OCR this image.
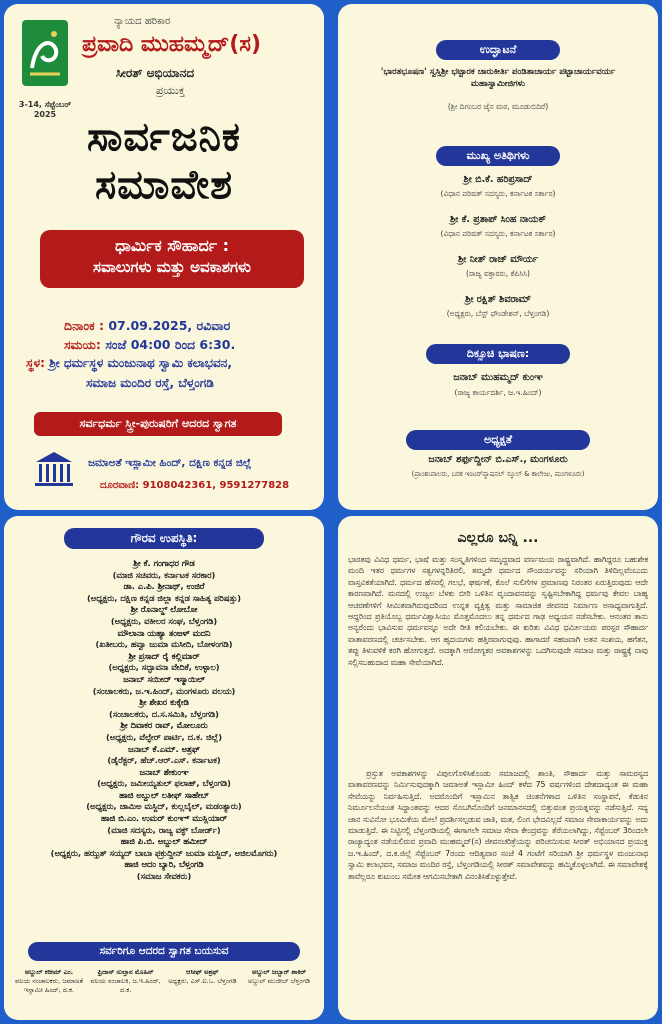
3-14, ಸೆಪ್ಟೆಂಬರ್ 2025
ನ್ಯಾಯದ ಹರಿಕಾರ
ಪ್ರವಾದಿ ಮುಹಮ್ಮದ್(ಸ)
ಸೀರತ್ ಅಭಿಯಾನದ
ಪ್ರಯುಕ್ತ
ಸಾರ್ವಜನಿಕ
ಸಮಾವೇಶ
ಧಾರ್ಮಿಕ ಸೌಹಾರ್ದ :
ಸವಾಲುಗಳು ಮತ್ತು ಅವಕಾಶಗಳು
ದಿನಾಂಕ : 07.09.2025, ರವಿವಾರ
ಸಮಯ: ಸಂಜೆ 04:00 ರಿಂದ 6:30.
ಸ್ಥಳ: ಶ್ರೀ ಧರ್ಮಸ್ಥಳ ಮಂಜುನಾಥ ಸ್ವಾಮಿ ಕಲಾಭವನ,
ಸಮಾಜ ಮಂದಿರ ರಸ್ತೆ, ಬೆಳ್ತಂಗಡಿ
ಸರ್ವಧರ್ಮ ಸ್ತ್ರೀ-ಪುರುಷರಿಗೆ ಆದರದ ಸ್ವಾಗತ
ಜಮಾಅತೆ ಇಸ್ಲಾಮೀ ಹಿಂದ್, ದಕ್ಷಿಣ ಕನ್ನಡ ಜಿಲ್ಲೆ
ದೂರವಾಣಿ: 9108042361, 9591277828
ಉದ್ಘಾಟನೆ
'ಭಾರತಭೂಷಣ' ಸ್ವಸ್ತಿಶ್ರೀ ಭಟ್ಟಾರಕ ಚಾರುಕೀರ್ತಿ ಪಂಡಿತಾಚಾರ್ಯ ಪಟ್ಟಾಚಾರ್ಯವರ್ಯ ಮಹಾಸ್ವಾಮೀಜಿಗಳು
(ಶ್ರೀ ದಿಗಂಬರ ಜೈನ ಮಠ, ಮೂಡುಬಿದಿರೆ)
ಮುಖ್ಯ ಅತಿಥಿಗಳು
ಶ್ರೀ ಬಿ.ಕೆ. ಹರಿಪ್ರಸಾದ್
(ವಿಧಾನ ಪರಿಷತ್ ಸದಸ್ಯರು, ಕರ್ನಾಟಕ ಸರ್ಕಾರ)
ಶ್ರೀ ಕೆ. ಪ್ರತಾಪ್ ಸಿಂಹ ನಾಯಕ್
(ವಿಧಾನ ಪರಿಷತ್ ಸದಸ್ಯರು, ಕರ್ನಾಟಕ ಸರ್ಕಾರ)
ಶ್ರೀ ನೀತ್ ರಾಜ್ ಮೌರ್ಯ
(ರಾಜ್ಯ ವಕ್ತಾರರು, ಕೆಪಿಸಿಸಿ)
ಶ್ರೀ ರಕ್ಷಿತ್ ಶಿವರಾಮ್
(ಅಧ್ಯಕ್ಷರು, ಬೆಸ್ಟ್ ಫೌಂಡೇಶನ್, ಬೆಳ್ತಂಗಡಿ)
ದಿಕ್ಸೂಚಿ ಭಾಷಣ:
ಜನಾಬ್ ಮುಹಮ್ಮದ್ ಕುಂಞ
(ರಾಜ್ಯ ಕಾರ್ಯದರ್ಶಿ, ಜ.ಇ.ಹಿಂದ್)
ಅಧ್ಯಕ್ಷತೆ
ಜನಾಬ್ ಶರ್ಫುದ್ದೀನ್ ಬಿ.ಎಸ್., ಮಂಗಳೂರು
(ಪ್ರಾಂಶುಪಾಲರು, ಬರಕ ಇಂಟರ್‌ನ್ಯಾಷನಲ್ ಸ್ಕೂಲ್ & ಕಾಲೇಜು, ಮಂಗಳೂರು)
ಗೌರವ ಉಪಸ್ಥಿತಿ:
ಶ್ರೀ ಕೆ. ಗಂಗಾಧರ ಗೌಡ
(ಮಾಜಿ ಸಚಿವರು, ಕರ್ನಾಟಕ ಸರಕಾರ)
ಡಾ. ಎ.ಪಿ. ಶ್ರೀನಾಥ್, ಉಜಿರೆ
(ಅಧ್ಯಕ್ಷರು, ದಕ್ಷಿಣ ಕನ್ನಡ ಜಿಲ್ಲಾ ಕನ್ನಡ ಸಾಹಿತ್ಯ ಪರಿಷತ್ತು)
ಶ್ರೀ ರೊನಾಲ್ಡ್ ಲೋಬೋ
(ಅಧ್ಯಕ್ಷರು, ವಕೀಲರ ಸಂಘ, ಬೆಳ್ತಂಗಡಿ)
ಮೌಲಾನಾ ಯಹ್ಯಾ ತಂಙಳ್ ಮದನಿ
(ಖತೀಬರು, ಹವ್ವಾ ಜುಮಾ ಮಸೀದಿ, ಬೋಳಂಗಡಿ)
ಶ್ರೀ ಪ್ರಸಾದ್ ರೈ ಕಲ್ಲಿಮಾರ್
(ಅಧ್ಯಕ್ಷರು, ಸದ್ಭಾವನಾ ವೇದಿಕೆ, ಉಳ್ಳಾಲ)
ಜನಾಬ್ ಸಯೀದ್ ಇಸ್ಮಾಯಿಲ್
(ಸಂಚಾಲಕರು, ಜ.ಇ.ಹಿಂದ್, ಮಂಗಳೂರು ವಲಯ)
ಶ್ರೀ ಶೇಖರ ಕುಕ್ಕೇಡಿ
(ಸಂಚಾಲಕರು, ದ.ಸ.ಸಮಿತಿ, ಬೆಳ್ತಂಗಡಿ)
ಶ್ರೀ ದಿವಾಕರ ರಾವ್, ಮೋಲೂರು
(ಅಧ್ಯಕ್ಷರು, ವೆಲ್ಫೇರ್ ಪಾರ್ಟಿ, ದ.ಕ. ಜಿಲ್ಲೆ)
ಜನಾಬ್ ಕೆ.ಎಮ್. ಅಶ್ರಫ್
(ಡೈರೆಕ್ಟರ್, ಹೆಚ್.ಆರ್.ಎಸ್. ಕರ್ನಾಟಕ)
ಜನಾಬ್ ಶೇಕುಂಞ
(ಅಧ್ಯಕ್ಷರು, ಜಮೀಯ್ಯತುಲ್ ಫಲಾಹ್, ಬೆಳ್ತಂಗಡಿ)
ಹಾಜಿ ಅಬ್ದುಲ್ ಲತೀಫ್ ಸಾಹೇಬ್
(ಅಧ್ಯಕ್ಷರು, ಜಾಮಿಅ ಮಸ್ಜಿದ್, ಕುಲ್ಲಬೈಲ್, ಮಡಂತ್ಯಾರು)
ಹಾಜಿ ಬಿ.ಎಂ. ಉಮರ್ ಕುಂಞ್ ಮುಸ್ಲಿಯಾರ್
(ಮಾಜಿ ಸದಸ್ಯರು, ರಾಜ್ಯ ವಕ್ಫ್ ಬೋರ್ಡ್)
ಹಾಜಿ ಪಿ.ಬಿ. ಅಬ್ದುಲ್ ಹಮೀದ್
(ಅಧ್ಯಕ್ಷರು, ಹಝ್ರತ್ ಸಯ್ಯದ್ ಬಾಬಾ ಫಕ್ರುದ್ದೀನ್ ಜುಮಾ ಮಸ್ಜಿದ್, ಅಜಿಲಮೊಗರು)
ಹಾಜಿ ಆದಂ ಬ್ಯಾರಿ, ಬೆಳ್ತಂಗಡಿ
(ಸಮಾಜ ಸೇವಕರು)
ಸರ್ವರಿಗೂ ಆದರದ ಸ್ವಾಗತ ಬಯಸುವ
ಅಬ್ದುಲ್ ಕರೀಮ್ ಎಂ.
ವಲಯ ಸಂಚಾಲಕರು, ಜಮಾಅತೆ ಇಸ್ಲಾಮೀ ಹಿಂದ್, ದ.ಕ.
ಫ್ರಿದಾಸ್ ಸುಲ್ತಾನ ಮೊಹಿನ್
ವಲಯ ಸಂಚಾಲಕಿ, ಜ.ಇ.ಹಿಂದ್, ದ.ಕ.
ಆಸೀಫ್ ಅಶ್ರಫ್
ಅಧ್ಯಕ್ಷರು, ಎಸ್.ಐ.ಒ. ಬೆಳ್ತಂಗಡಿ
ಅಬ್ದುಲ್ ಜಬ್ಬಾರ್ ಶಾಕಿರ್
ಅಬ್ದುಲ್ ಮುಜೀಬ್ ಬೆಳ್ತಂಗಡಿ
ಎಲ್ಲರೂ ಬನ್ನಿ ...
ಭಾರತವು ವಿವಿಧ ಧರ್ಮ, ಭಾಷೆ ಮತ್ತು ಸಂಸ್ಕೃತಿಗಳಿಂದ ಸಮೃದ್ಧವಾದ ವರ್ಣಮಯ ರಾಷ್ಟ್ರವಾಗಿದೆ. ಹಾಗಿದ್ದರೂ ಬಹುಶೇಕ ಮಂದಿ ಇತರ ಧರ್ಮಗಳ ಸತ್ವಗಳನ್ನರಿತಿರಲಿ, ತಮ್ಮದೇ ಧರ್ಮದ ಸೌಂದರ್ಯವನ್ನು ಸರಿಯಾಗಿ ತಿಳಿದಿಲ್ಲವೆಂಬುದು ವಾಸ್ತವಿಕತೆಯಾಗಿದೆ. ಧರ್ಮದ ಹೆಸರಲ್ಲಿ ಗಲಭೆ, ಘರ್ಷಣೆ, ಕೊಲೆ ಸುಲಿಗೆಗಳ ಪ್ರಮಾಣವು ನಿರಂತರ ಏರುತ್ತಿರುವುದು ಆದೇ ಕಾರಣವಾಗಿದೆ. ಮನದಲ್ಲಿ ಉಜ್ವಲ ಬೆಳಕು ಬೀರಿ ಒಳಿತಿನ ವೃಂದಾವನವನ್ನು ಸೃಷ್ಟಿಸಬೇಕಾಗಿದ್ದ ಧರ್ಮವು ಕೇವಲ ಬಾಹ್ಯ ಆಚರಣೆಗಳಿಗೆ ಸೀಮಿತವಾಗಿರುವುದರಿಂದ ಉನ್ನತ ವ್ಯಕ್ತಿತ್ವ ಮತ್ತು ಸಾಮಾಜಿಕ ಜೀವನದ ನಿರ್ಮಾಣ ಅಸಾಧ್ಯವಾಗುತ್ತಿದೆ. ಆದ್ದರಿಂದ ಪ್ರತಿಯೊಬ್ಬ ಧರ್ಮವಿಶ್ವಾಸಿಯು ಮೊತ್ತಮೊದಲು ತನ್ನ ಧರ್ಮದ ಗಾಢ ಅಧ್ಯಯನ ನಡೆಸಬೇಕು. ಆನಂತರ ತಾನು ಅನ್ಯರೆಂದು ಭಾವಿಸುವ ಧರ್ಮವನ್ನೂ ಅದೇ ರೀತಿ ಕಲಿಯಬೇಕು. ಈ ಕುರಿತು ವಿವಿಧ ಧರ್ಮೀಯರು ಪರಸ್ಪರ ಸೌಹಾರ್ದ ವಾತಾವರಣದಲ್ಲಿ ಚರ್ಚಿಸಬೇಕು. ಆಗ ಹೃದಯಗಳು ಹತ್ತಿರವಾಗುವುವು. ಹಾಗಾದರೆ ಸಹಜವಾಗಿ ಅತನ ಸಂಶಯ, ಹಗೆತನ, ತಪ್ಪು ತಿಳುವಳಿಕೆ ಕರಗಿ ಹೋಗುತ್ತದೆ. ಅದಕ್ಕಾಗಿ ಆರೋಗ್ಯಕರ ಅವಕಾಶಗಳನ್ನು ಒದಗಿಸುವುದೇ ಸಮಾಜ ಮತ್ತು ರಾಷ್ಟ್ರಕ್ಕೆ ನಾವು ಸಲ್ಲಿಸಬಹುದಾದ ಮಹಾ ಸೇವೆಯಾಗಿದೆ.
ಪ್ರಸ್ತುತ ಅವಕಾಶಗಳನ್ನು ವಿಪುಲಗೊಳಿಸಿಕೊಂಡು ಸಮಾಜದಲ್ಲಿ ಶಾಂತಿ, ಸೌಹಾರ್ದ ಮತ್ತು ಸಾಮರಸ್ಯದ ವಾತಾವರಣವನ್ನು ನಿರ್ಮಿಸುವುದಕ್ಕಾಗಿ ಜಮಾಅತೆ ಇಸ್ಲಾಮೀ ಹಿಂದ್ ಕಳೆದ 75 ವರ್ಷಗಳಿಂದ ದೇಶದಾದ್ಯಂತ ಈ ಮಹಾ ಸೇವೆಯನ್ನು ನಿರ್ವಹಿಸುತ್ತಿದೆ. ಅದರೊಂದಿಗೆ ಇಸ್ಲಾಮಿನ ತಾತ್ವಿಕ ಚಿಂತನೆಗಳಾದ ಒಳಿತಿನ ಸಂಸ್ಥಾಪನೆ, ಕೆಡುಕಿನ ನಿರ್ಮೂಲನೆಯಂತ ಸಿದ್ಧಾಂತವನ್ನು ಆದರ ಸೊಬಗಿನೊಂದಿಗೆ ಜನಮಾನಸದಲ್ಲಿ ಬಿತ್ತುವಂತ ಪ್ರಯತ್ನವನ್ನು ನಡೆಸುತ್ತಿದೆ. ಸದ್ಯ ಜಾನ ಸುವಿನೋ ಭೂಮಿಕೆಯ ಮೇಲೆ ಪ್ರದರ್ಶಿಸಲ್ಪಡುವ ಜಾತಿ, ಮತ, ಲಿಂಗ ಭೇದವಿಲ್ಲದೆ ಸಮಾಜ ಸೇವಾಕಾರ್ಯವನ್ನು ಅದು ಮಾಡುತ್ತಿದೆ. ಈ ನಿಟ್ಟಿನಲ್ಲಿ ಬೆಳ್ತಂಗಡಿಯಲ್ಲಿ ಈಗಾಗಲೇ ಸಮಾಜ ಸೇವಾ ಕೇಂದ್ರವನ್ನು ತೆರೆಯಲಾಗಿದ್ದು, ಸೆಪ್ಟೆಂಬರ್ 3ರಿಂದಲೇ ರಾಜ್ಯಾದ್ಯಂತ ನಡೆಯಲಿರುವ ಪ್ರವಾದಿ ಮುಹಮ್ಮದ್(ಸ) ಜೀವನಚರಿತ್ರೆಯನ್ನು ಪರಿಚಯಿಸುವ ಸೀರತ್ ಅಭಿಯಾನದ ಪ್ರಯುಕ್ತ ಜ.ಇ.ಹಿಂದ್, ದ.ಕ.ಜಿಲ್ಲೆ ಸೆಪ್ಟೆಂಬರ್ 7ರಂದು ಆದಿತ್ಯವಾರ ಸಂಜೆ 4 ಗಂಟೆಗೆ ಸರಿಯಾಗಿ ಶ್ರೀ ಧರ್ಮಸ್ಥಳ ಮಂಜುನಾಥ ಸ್ವಾಮಿ ಕಲಾಭವನ, ಸಮಾಜ ಮಂದಿರ ರಸ್ತೆ, ಬೆಳ್ತಂಗಡಿಯಲ್ಲಿ ಸೀರತ್ ಸಮಾವೇಶವನ್ನು ಹಮ್ಮಿಕೊಳ್ಳಲಾಗಿದೆ. ಈ ಸಮಾವೇಶಕ್ಕೆ ತಾವೆಲ್ಲರೂ ಕುಟುಂಬ ಸಮೇತ ಆಗಮಿಸಬೇಕಾಗಿ ವಿನಂತಿಸಿಕೊಳ್ಳುತ್ತೇವೆ.
